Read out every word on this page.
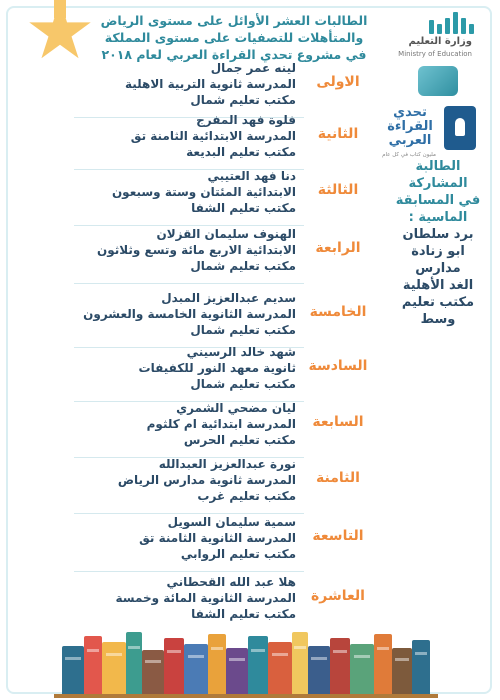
الطالبات العشر الأوائل على مستوى الرياض
والمتأهلات للتصفيات على مستوى المملكة
في مشروع تحدي القراءة العربي لعام ٢٠١٨
وزارة التعليم
Ministry of Education
تحدي
القراءة
العربي
مليون كتاب في كل عام
الطالبة المشاركة
في المسابقة
الماسية :
برد سلطان
ابو زنادة
مدارس
الغد الأهلية
مكتب تعليم
وسط
الاولى
لينه عمر جمال
المدرسة ثانوية التربية الاهلية
مكتب تعليم شمال
الثانية
فلوة فهد المفرج
المدرسة الابتدائية الثامنة تق
مكتب تعليم البديعة
الثالثة
دنا فهد العتيبي
الابتدائية المئتان وستة وسبعون
مكتب تعليم الشفا
الرابعة
الهنوف سليمان القزلان
الابتدائية الاربع مائة وتسع وثلاثون
مكتب تعليم شمال
الخامسة
سديم عبدالعزيز المبدل
المدرسة الثانوية الخامسة والعشرون
مكتب تعليم شمال
السادسة
شهد خالد الرسيني
ثانوية معهد النور للكفيفات
مكتب تعليم شمال
السابعة
ليان مضحي الشمري
المدرسة ابتدائية ام كلثوم
مكتب تعليم الحرس
الثامنة
نورة عبدالعزيز العبدالله
المدرسة ثانوية مدارس الرياض
مكتب تعليم غرب
التاسعة
سمية سليمان السويل
المدرسة الثانوية الثامنة تق
مكتب تعليم الروابي
العاشرة
هلا عبد الله القحطاني
المدرسة الثانوية المائة وخمسة
مكتب تعليم الشفا
